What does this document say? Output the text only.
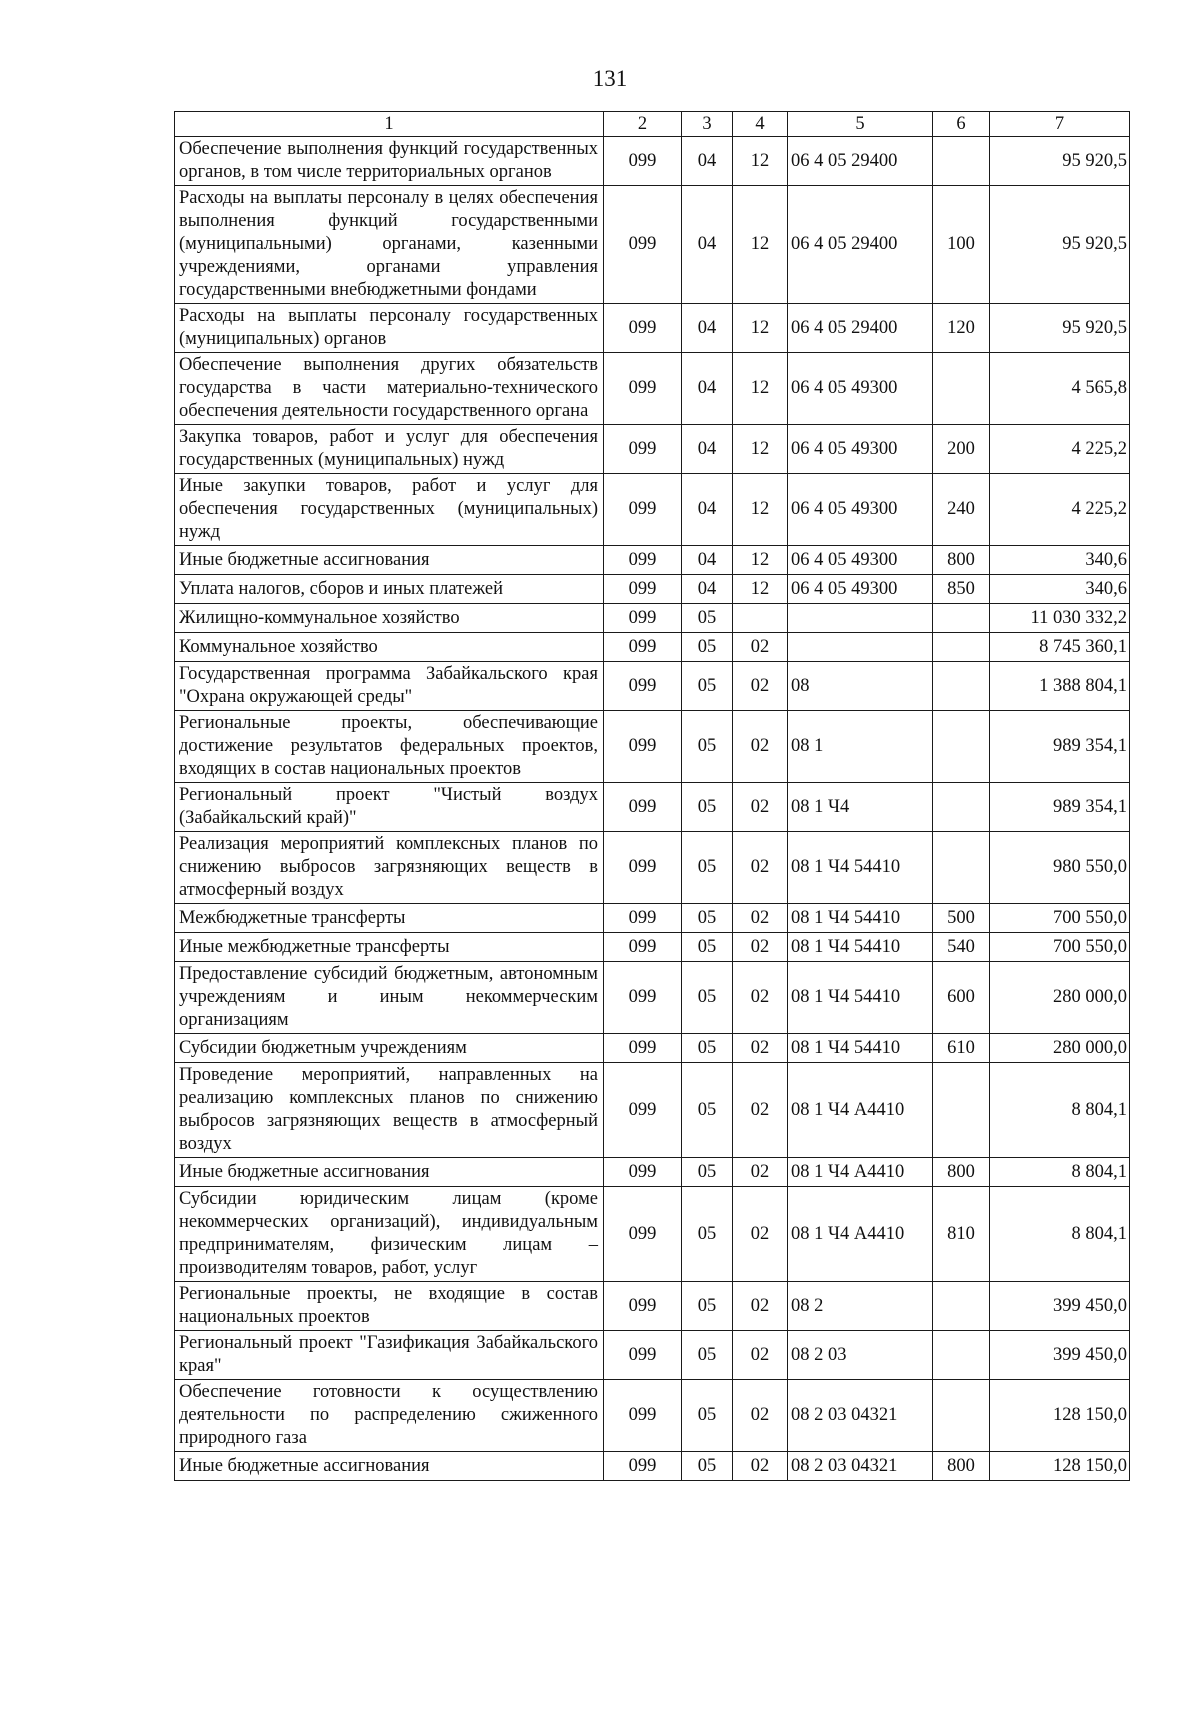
131
1	2	3	4	5	6	7
Обеспечение выполнения функций государственных органов, в том числе территориальных органов	099	04	12	06 4 05 29400		95 920,5
Расходы на выплаты персоналу в целях обеспечения выполнения функций государственными (муниципальными) органами, казенными учреждениями, органами управления государственными внебюджетными фондами	099	04	12	06 4 05 29400	100	95 920,5
Расходы на выплаты персоналу государственных (муниципальных) органов	099	04	12	06 4 05 29400	120	95 920,5
Обеспечение выполнения других обязательств государства в части материально-технического обеспечения деятельности государственного органа	099	04	12	06 4 05 49300		4 565,8
Закупка товаров, работ и услуг для обеспечения государственных (муниципальных) нужд	099	04	12	06 4 05 49300	200	4 225,2
Иные закупки товаров, работ и услуг для обеспечения государственных (муниципальных) нужд	099	04	12	06 4 05 49300	240	4 225,2
Иные бюджетные ассигнования	099	04	12	06 4 05 49300	800	340,6
Уплата налогов, сборов и иных платежей	099	04	12	06 4 05 49300	850	340,6
Жилищно-коммунальное хозяйство	099	05				11 030 332,2
Коммунальное хозяйство	099	05	02			8 745 360,1
Государственная программа Забайкальского края "Охрана окружающей среды"	099	05	02	08		1 388 804,1
Региональные проекты, обеспечивающие достижение результатов федеральных проектов, входящих в состав национальных проектов	099	05	02	08 1		989 354,1
Региональный проект "Чистый воздух (Забайкальский край)"	099	05	02	08 1 Ч4		989 354,1
Реализация мероприятий комплексных планов по снижению выбросов загрязняющих веществ в атмосферный воздух	099	05	02	08 1 Ч4 54410		980 550,0
Межбюджетные трансферты	099	05	02	08 1 Ч4 54410	500	700 550,0
Иные межбюджетные трансферты	099	05	02	08 1 Ч4 54410	540	700 550,0
Предоставление субсидий бюджетным, автономным учреждениям и иным некоммерческим организациям	099	05	02	08 1 Ч4 54410	600	280 000,0
Субсидии бюджетным учреждениям	099	05	02	08 1 Ч4 54410	610	280 000,0
Проведение мероприятий, направленных на реализацию комплексных планов по снижению выбросов загрязняющих веществ в атмосферный воздух	099	05	02	08 1 Ч4 А4410		8 804,1
Иные бюджетные ассигнования	099	05	02	08 1 Ч4 А4410	800	8 804,1
Субсидии юридическим лицам (кроме некоммерческих организаций), индивидуальным предпринимателям, физическим лицам – производителям товаров, работ, услуг	099	05	02	08 1 Ч4 А4410	810	8 804,1
Региональные проекты, не входящие в состав национальных проектов	099	05	02	08 2		399 450,0
Региональный проект "Газификация Забайкальского края"	099	05	02	08 2 03		399 450,0
Обеспечение готовности к осуществлению деятельности по распределению сжиженного природного газа	099	05	02	08 2 03 04321		128 150,0
Иные бюджетные ассигнования	099	05	02	08 2 03 04321	800	128 150,0
